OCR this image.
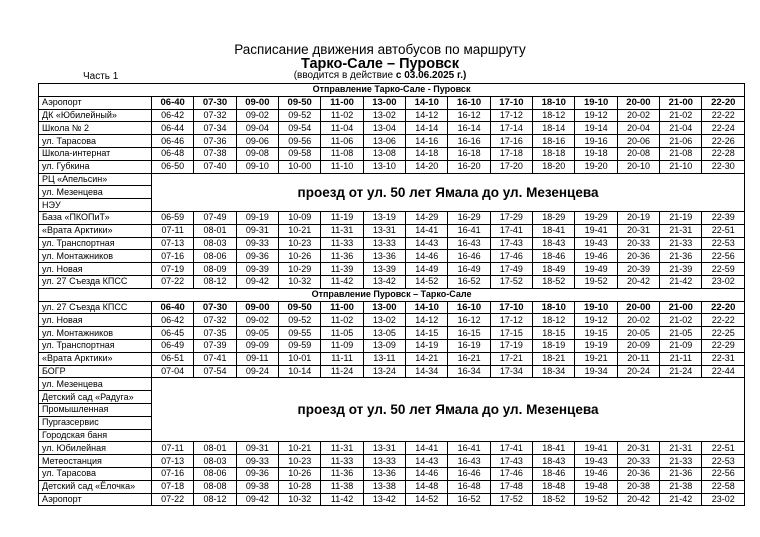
Расписание движения автобусов по маршруту
Тарко-Сале – Пуровск
(вводится в действие с 03.06.2025 г.)
Часть 1
Отправление Тарко-Сале - Пуровск														
Аэропорт	06-40	07-30	09-00	09-50	11-00	13-00	14-10	16-10	17-10	18-10	19-10	20-00	21-00	22-20
ДК «Юбилейный»	06-42	07-32	09-02	09-52	11-02	13-02	14-12	16-12	17-12	18-12	19-12	20-02	21-02	22-22
Школа № 2	06-44	07-34	09-04	09-54	11-04	13-04	14-14	16-14	17-14	18-14	19-14	20-04	21-04	22-24
ул. Тарасова	06-46	07-36	09-06	09-56	11-06	13-06	14-16	16-16	17-16	18-16	19-16	20-06	21-06	22-26
Школа-интернат	06-48	07-38	09-08	09-58	11-08	13-08	14-18	16-18	17-18	18-18	19-18	20-08	21-08	22-28
ул. Губкина	06-50	07-40	09-10	10-00	11-10	13-10	14-20	16-20	17-20	18-20	19-20	20-10	21-10	22-30
РЦ «Апельсин»	проезд от ул. 50 лет Ямала до ул. Мезенцева													
ул. Мезенцева														
НЭУ														
База «ПКОПиТ»	06-59	07-49	09-19	10-09	11-19	13-19	14-29	16-29	17-29	18-29	19-29	20-19	21-19	22-39
«Врата Арктики»	07-11	08-01	09-31	10-21	11-31	13-31	14-41	16-41	17-41	18-41	19-41	20-31	21-31	22-51
ул. Транспортная	07-13	08-03	09-33	10-23	11-33	13-33	14-43	16-43	17-43	18-43	19-43	20-33	21-33	22-53
ул. Монтажников	07-16	08-06	09-36	10-26	11-36	13-36	14-46	16-46	17-46	18-46	19-46	20-36	21-36	22-56
ул. Новая	07-19	08-09	09-39	10-29	11-39	13-39	14-49	16-49	17-49	18-49	19-49	20-39	21-39	22-59
ул. 27 Съезда КПСС	07-22	08-12	09-42	10-32	11-42	13-42	14-52	16-52	17-52	18-52	19-52	20-42	21-42	23-02
Отправление Пуровск – Тарко-Сале														
ул. 27 Съезда КПСС	06-40	07-30	09-00	09-50	11-00	13-00	14-10	16-10	17-10	18-10	19-10	20-00	21-00	22-20
ул. Новая	06-42	07-32	09-02	09-52	11-02	13-02	14-12	16-12	17-12	18-12	19-12	20-02	21-02	22-22
ул. Монтажников	06-45	07-35	09-05	09-55	11-05	13-05	14-15	16-15	17-15	18-15	19-15	20-05	21-05	22-25
ул. Транспортная	06-49	07-39	09-09	09-59	11-09	13-09	14-19	16-19	17-19	18-19	19-19	20-09	21-09	22-29
«Врата Арктики»	06-51	07-41	09-11	10-01	11-11	13-11	14-21	16-21	17-21	18-21	19-21	20-11	21-11	22-31
БОГР	07-04	07-54	09-24	10-14	11-24	13-24	14-34	16-34	17-34	18-34	19-34	20-24	21-24	22-44
ул. Мезенцева	проезд от ул. 50 лет Ямала до ул. Мезенцева													
Детский сад «Радуга»														
Промышленная														
Пургазсервис														
Городская баня														
ул. Юбилейная	07-11	08-01	09-31	10-21	11-31	13-31	14-41	16-41	17-41	18-41	19-41	20-31	21-31	22-51
Метеостанция	07-13	08-03	09-33	10-23	11-33	13-33	14-43	16-43	17-43	18-43	19-43	20-33	21-33	22-53
ул. Тарасова	07-16	08-06	09-36	10-26	11-36	13-36	14-46	16-46	17-46	18-46	19-46	20-36	21-36	22-56
Детский сад «Ёлочка»	07-18	08-08	09-38	10-28	11-38	13-38	14-48	16-48	17-48	18-48	19-48	20-38	21-38	22-58
Аэропорт	07-22	08-12	09-42	10-32	11-42	13-42	14-52	16-52	17-52	18-52	19-52	20-42	21-42	23-02
